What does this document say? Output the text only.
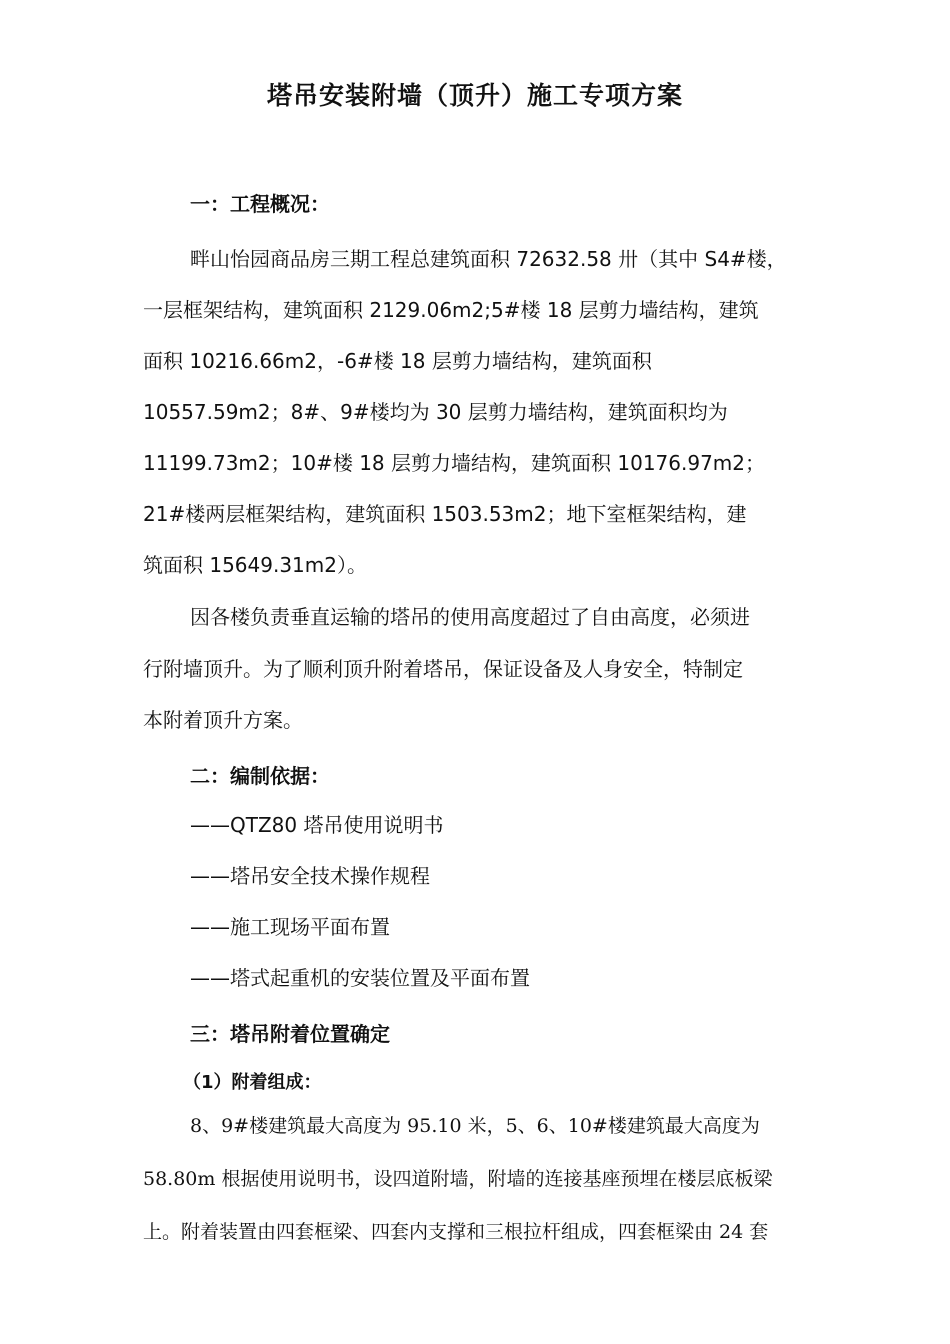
塔吊安装附墙（顶升）施工专项方案
一：工程概况：
畔山怡园商品房三期工程总建筑面积 72632.58 卅（其中 S4#楼，
一层框架结构，建筑面积 2129.06m2;5#楼 18 层剪力墙结构，建筑
面积 10216.66m2，-6#楼 18 层剪力墙结构，建筑面积
10557.59m2；8#、9#楼均为 30 层剪力墙结构，建筑面积均为
11199.73m2；10#楼 18 层剪力墙结构，建筑面积 10176.97m2；
21#楼两层框架结构，建筑面积 1503.53m2；地下室框架结构，建
筑面积 15649.31m2）。
因各楼负责垂直运输的塔吊的使用高度超过了自由高度，必须进
行附墙顶升。为了顺利顶升附着塔吊，保证设备及人身安全，特制定
本附着顶升方案。
二：编制依据：
——QTZ80 塔吊使用说明书
——塔吊安全技术操作规程
——施工现场平面布置
——塔式起重机的安装位置及平面布置
三：塔吊附着位置确定
（1）附着组成：
8、9#楼建筑最大高度为 95.10 米，5、6、10#楼建筑最大高度为
58.80m 根据使用说明书，设四道附墙，附墙的连接基座预埋在楼层底板梁
上。附着装置由四套框梁、四套内支撑和三根拉杆组成，四套框梁由 24 套
